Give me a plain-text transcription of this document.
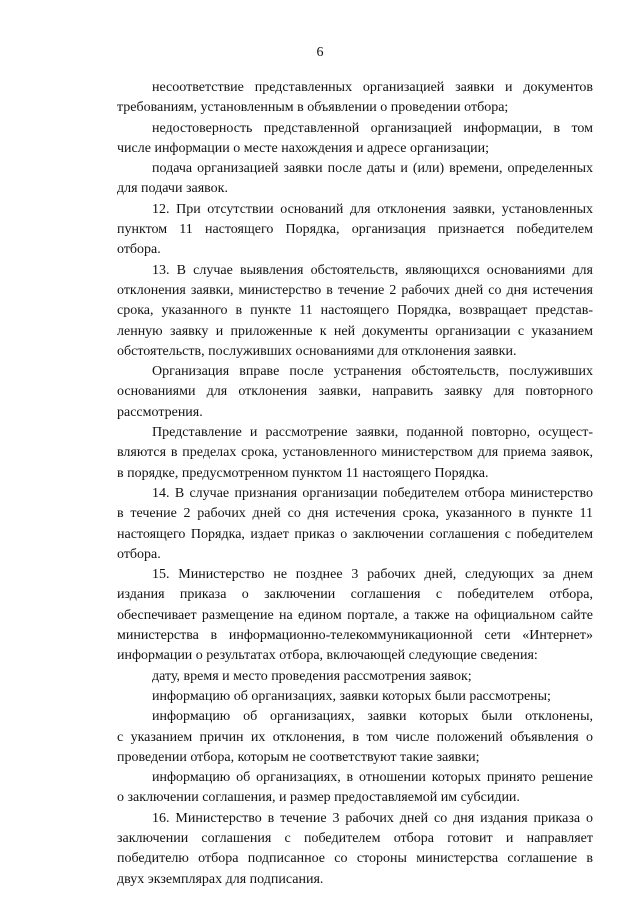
6

несоответствие представленных организацией заявки и документов
требованиям, установленным в объявлении о проведении отбора;

недостоверность представленной организацией информации, в том
числе информации о месте нахождения и адресе организации;

подача организацией заявки после даты и (или) времени, определенных
для подачи заявок.

12. При отсутствии оснований для отклонения заявки, установленных
пунктом 11 настоящего Порядка, организация признается победителем
отбора.

13. В случае выявления обстоятельств, являющихся основаниями для
отклонения заявки, министерство в течение 2 рабочих дней со дня истечения
срока, указанного в пункте 11 настоящего Порядка, возвращает представ-
ленную заявку и приложенные к ней документы организации с указанием
обстоятельств, послуживших основаниями для отклонения заявки.

Организация вправе после устранения обстоятельств, послуживших
основаниями для отклонения заявки, направить заявку для повторного
рассмотрения.

Представление и рассмотрение заявки, поданной повторно, осущест-
вляются в пределах срока, установленного министерством для приема заявок,
в порядке, предусмотренном пунктом 11 настоящего Порядка.

14. В случае признания организации победителем отбора министерство
в течение 2 рабочих дней со дня истечения срока, указанного в пункте 11
настоящего Порядка, издает приказ о заключении соглашения с победителем
отбора.

15. Министерство не позднее 3 рабочих дней, следующих за днем
издания приказа о заключении соглашения с победителем отбора,
обеспечивает размещение на едином портале, а также на официальном сайте
министерства в информационно-телекоммуникационной сети «Интернет»
информации о результатах отбора, включающей следующие сведения:

дату, время и место проведения рассмотрения заявок;

информацию об организациях, заявки которых были рассмотрены;

информацию об организациях, заявки которых были отклонены,
с указанием причин их отклонения, в том числе положений объявления о
проведении отбора, которым не соответствуют такие заявки;

информацию об организациях, в отношении которых принято решение
о заключении соглашения, и размер предоставляемой им субсидии.

16. Министерство в течение 3 рабочих дней со дня издания приказа о
заключении соглашения с победителем отбора готовит и направляет
победителю отбора подписанное со стороны министерства соглашение в
двух экземплярах для подписания.
